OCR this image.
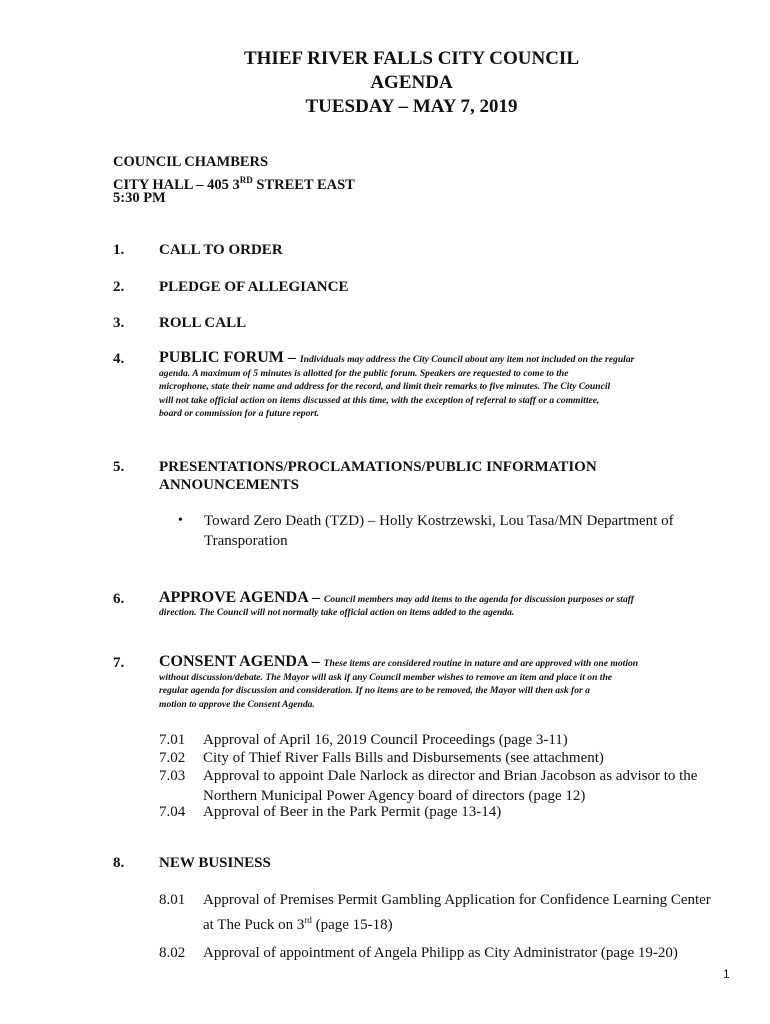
THIEF RIVER FALLS CITY COUNCIL
AGENDA
TUESDAY – MAY 7, 2019
COUNCIL CHAMBERS
CITY HALL – 405 3RD STREET EAST
5:30 PM
1. CALL TO ORDER
2. PLEDGE OF ALLEGIANCE
3. ROLL CALL
4. PUBLIC FORUM – Individuals may address the City Council about any item not included on the regular
agenda. A maximum of 5 minutes is allotted for the public forum. Speakers are requested to come to the
microphone, state their name and address for the record, and limit their remarks to five minutes. The City Council
will not take official action on items discussed at this time, with the exception of referral to staff or a committee,
board or commission for a future report.
5. PRESENTATIONS/PROCLAMATIONS/PUBLIC INFORMATION
ANNOUNCEMENTS
• Toward Zero Death (TZD) – Holly Kostrzewski, Lou Tasa/MN Department of
Transporation
6. APPROVE AGENDA – Council members may add items to the agenda for discussion purposes or staff
direction. The Council will not normally take official action on items added to the agenda.
7. CONSENT AGENDA – These items are considered routine in nature and are approved with one motion
without discussion/debate. The Mayor will ask if any Council member wishes to remove an item and place it on the
regular agenda for discussion and consideration. If no items are to be removed, the Mayor will then ask for a
motion to approve the Consent Agenda.
7.01 Approval of April 16, 2019 Council Proceedings (page 3-11)
7.02 City of Thief River Falls Bills and Disbursements (see attachment)
7.03 Approval to appoint Dale Narlock as director and Brian Jacobson as advisor to the
Northern Municipal Power Agency board of directors (page 12)
7.04 Approval of Beer in the Park Permit (page 13-14)
8. NEW BUSINESS
8.01 Approval of Premises Permit Gambling Application for Confidence Learning Center
at The Puck on 3rd (page 15-18)
8.02 Approval of appointment of Angela Philipp as City Administrator (page 19-20)
1
